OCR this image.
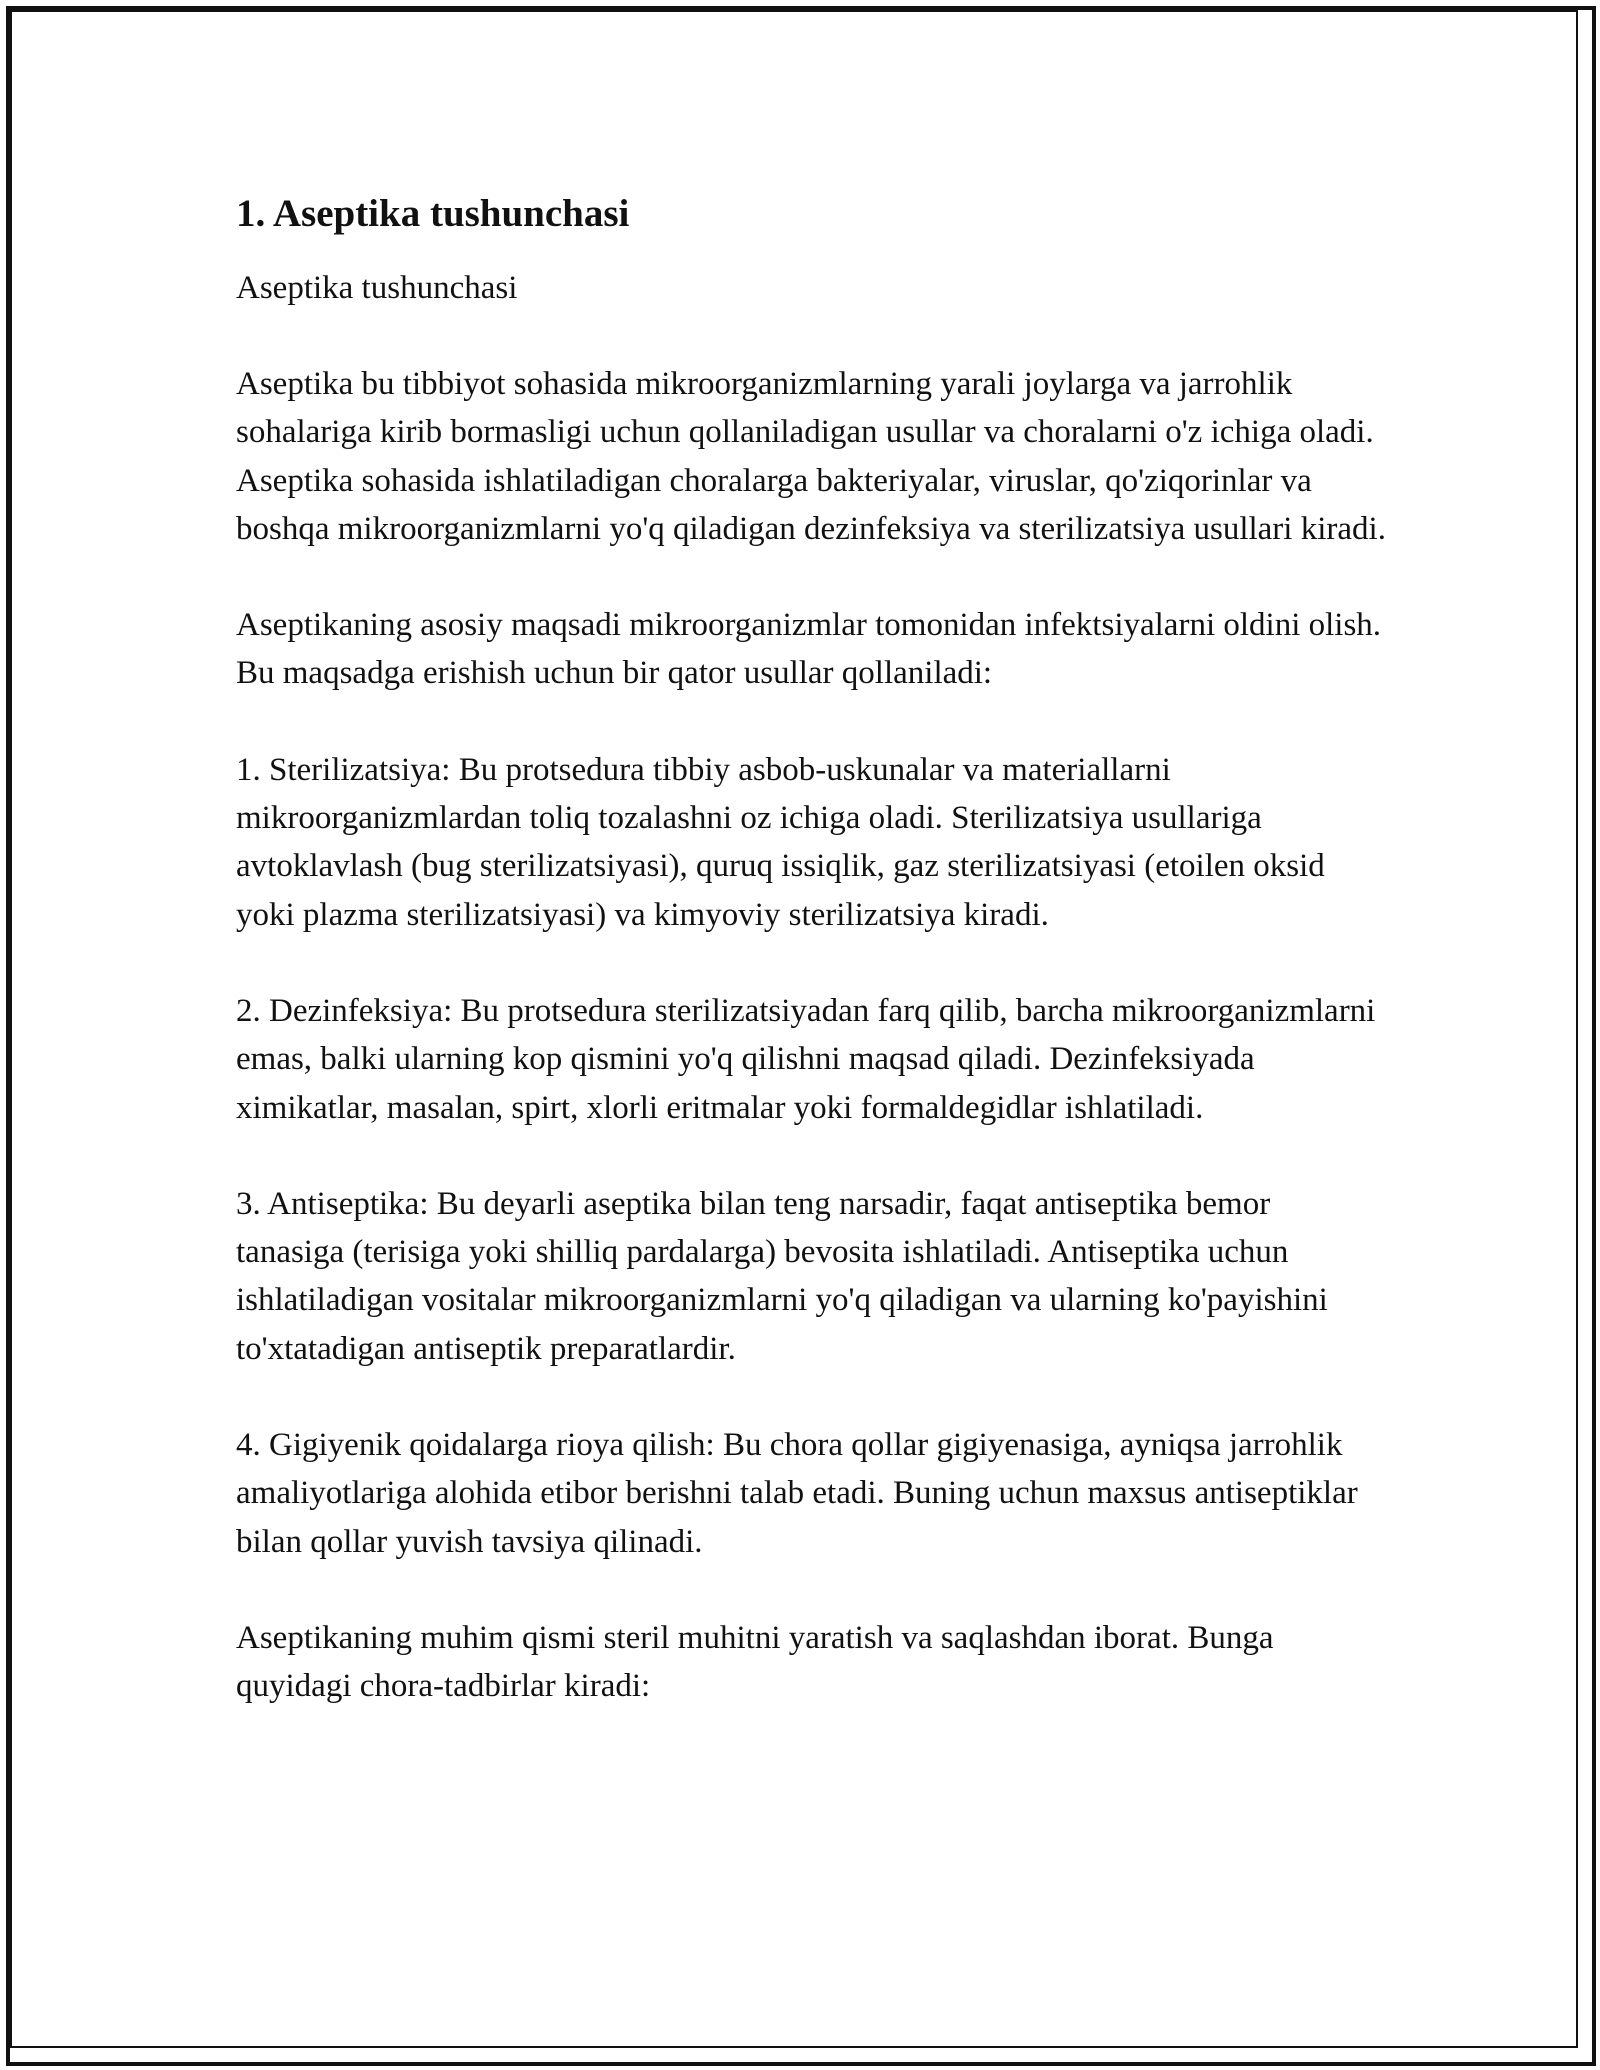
1. Aseptika tushunchasi

Aseptika tushunchasi

Aseptika bu tibbiyot sohasida mikroorganizmlarning yarali joylarga va jarrohlik sohalariga kirib bormasligi uchun qollaniladigan usullar va choralarni o'z ichiga oladi. Aseptika sohasida ishlatiladigan choralarga bakteriyalar, viruslar, qo'ziqorinlar va boshqa mikroorganizmlarni yo'q qiladigan dezinfeksiya va sterilizatsiya usullari kiradi.

Aseptikaning asosiy maqsadi mikroorganizmlar tomonidan infektsiyalarni oldini olish. Bu maqsadga erishish uchun bir qator usullar qollaniladi:

1. Sterilizatsiya: Bu protsedura tibbiy asbob-uskunalar va materiallarni mikroorganizmlardan toliq tozalashni oz ichiga oladi. Sterilizatsiya usullariga avtoklavlash (bug sterilizatsiyasi), quruq issiqlik, gaz sterilizatsiyasi (etoilen oksid yoki plazma sterilizatsiyasi) va kimyoviy sterilizatsiya kiradi.

2. Dezinfeksiya: Bu protsedura sterilizatsiyadan farq qilib, barcha mikroorganizmlarni emas, balki ularning kop qismini yo'q qilishni maqsad qiladi. Dezinfeksiyada ximikatlar, masalan, spirt, xlorli eritmalar yoki formaldegidlar ishlatiladi.

3. Antiseptika: Bu deyarli aseptika bilan teng narsadir, faqat antiseptika bemor tanasiga (terisiga yoki shilliq pardalarga) bevosita ishlatiladi. Antiseptika uchun ishlatiladigan vositalar mikroorganizmlarni yo'q qiladigan va ularning ko'payishini to'xtatadigan antiseptik preparatlardir.

4. Gigiyenik qoidalarga rioya qilish: Bu chora qollar gigiyenasiga, ayniqsa jarrohlik amaliyotlariga alohida etibor berishni talab etadi. Buning uchun maxsus antiseptiklar bilan qollar yuvish tavsiya qilinadi.

Aseptikaning muhim qismi steril muhitni yaratish va saqlashdan iborat. Bunga quyidagi chora-tadbirlar kiradi:
